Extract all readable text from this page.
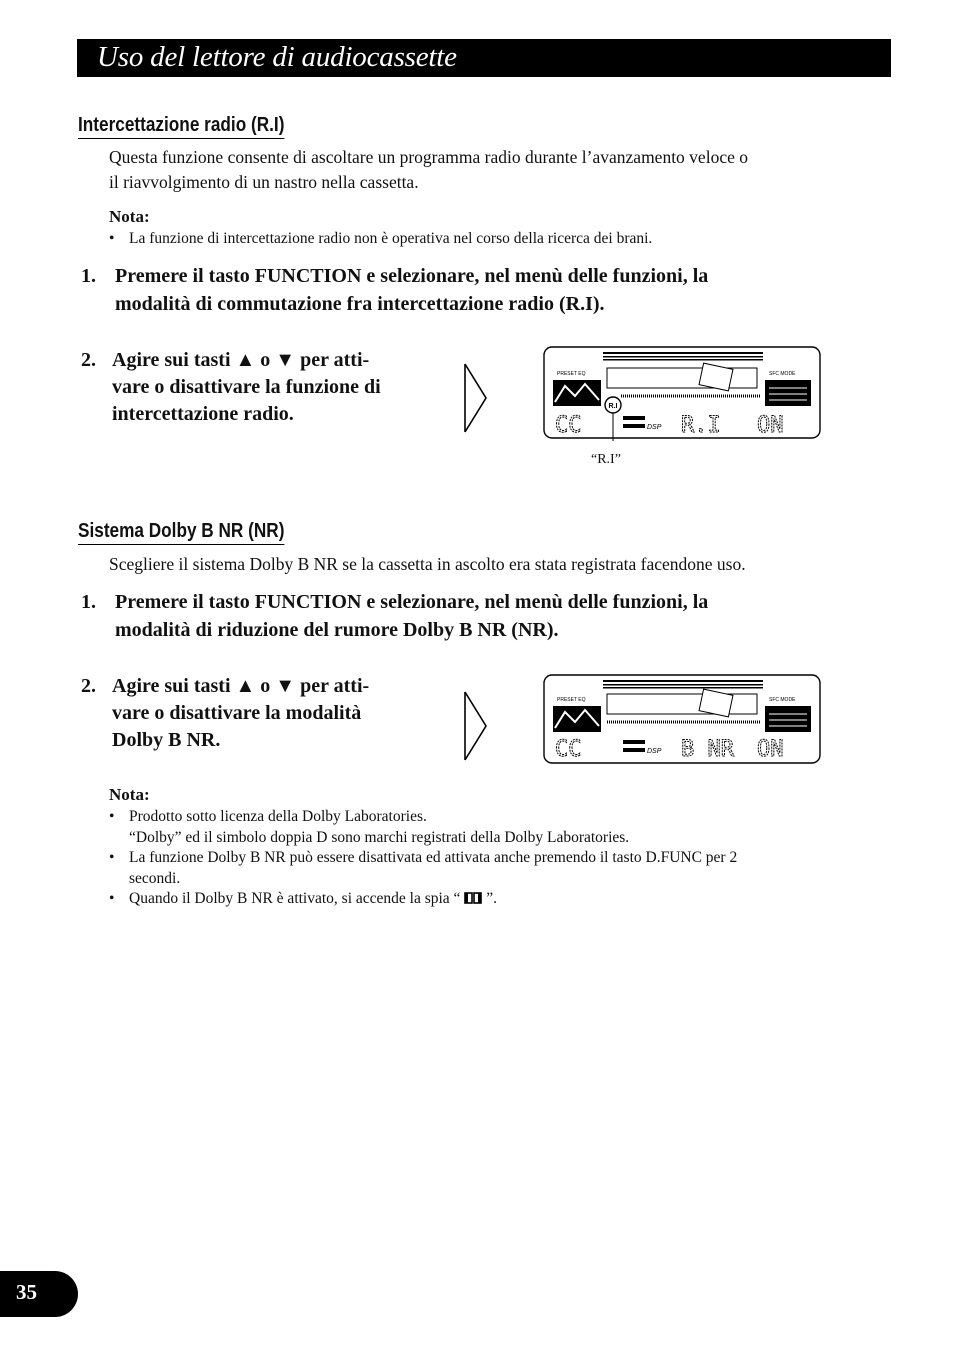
Uso del lettore di audiocassette
Intercettazione radio (R.I)
Questa funzione consente di ascoltare un programma radio durante l’avanzamento veloce o
il riavvolgimento di un nastro nella cassetta.
Nota:
• La funzione di intercettazione radio non è operativa nel corso della ricerca dei brani.
1. Premere il tasto FUNCTION e selezionare, nel menù delle funzioni, la
modalità di commutazione fra intercettazione radio (R.I).
2. Agire sui tasti ▲ o ▼ per atti-
vare o disattivare la funzione di
intercettazione radio.
PRESET EQ	SFC MODE
R.I
CC	DSP R.I ON
“R.I”
Sistema Dolby B NR (NR)
Scegliere il sistema Dolby B NR se la cassetta in ascolto era stata registrata facendone uso.
1. Premere il tasto FUNCTION e selezionare, nel menù delle funzioni, la
modalità di riduzione del rumore Dolby B NR (NR).
2. Agire sui tasti ▲ o ▼ per atti-
vare o disattivare la modalità
Dolby B NR.
PRESET EQ	SFC MODE
CC	DSP B NR ON
Nota:
• Prodotto sotto licenza della Dolby Laboratories.
“Dolby” ed il simbolo doppia D sono marchi registrati della Dolby Laboratories.
• La funzione Dolby B NR può essere disattivata ed attivata anche premendo il tasto D.FUNC per 2
secondi.
• Quando il Dolby B NR è attivato, si accende la spia “  ”.
35
